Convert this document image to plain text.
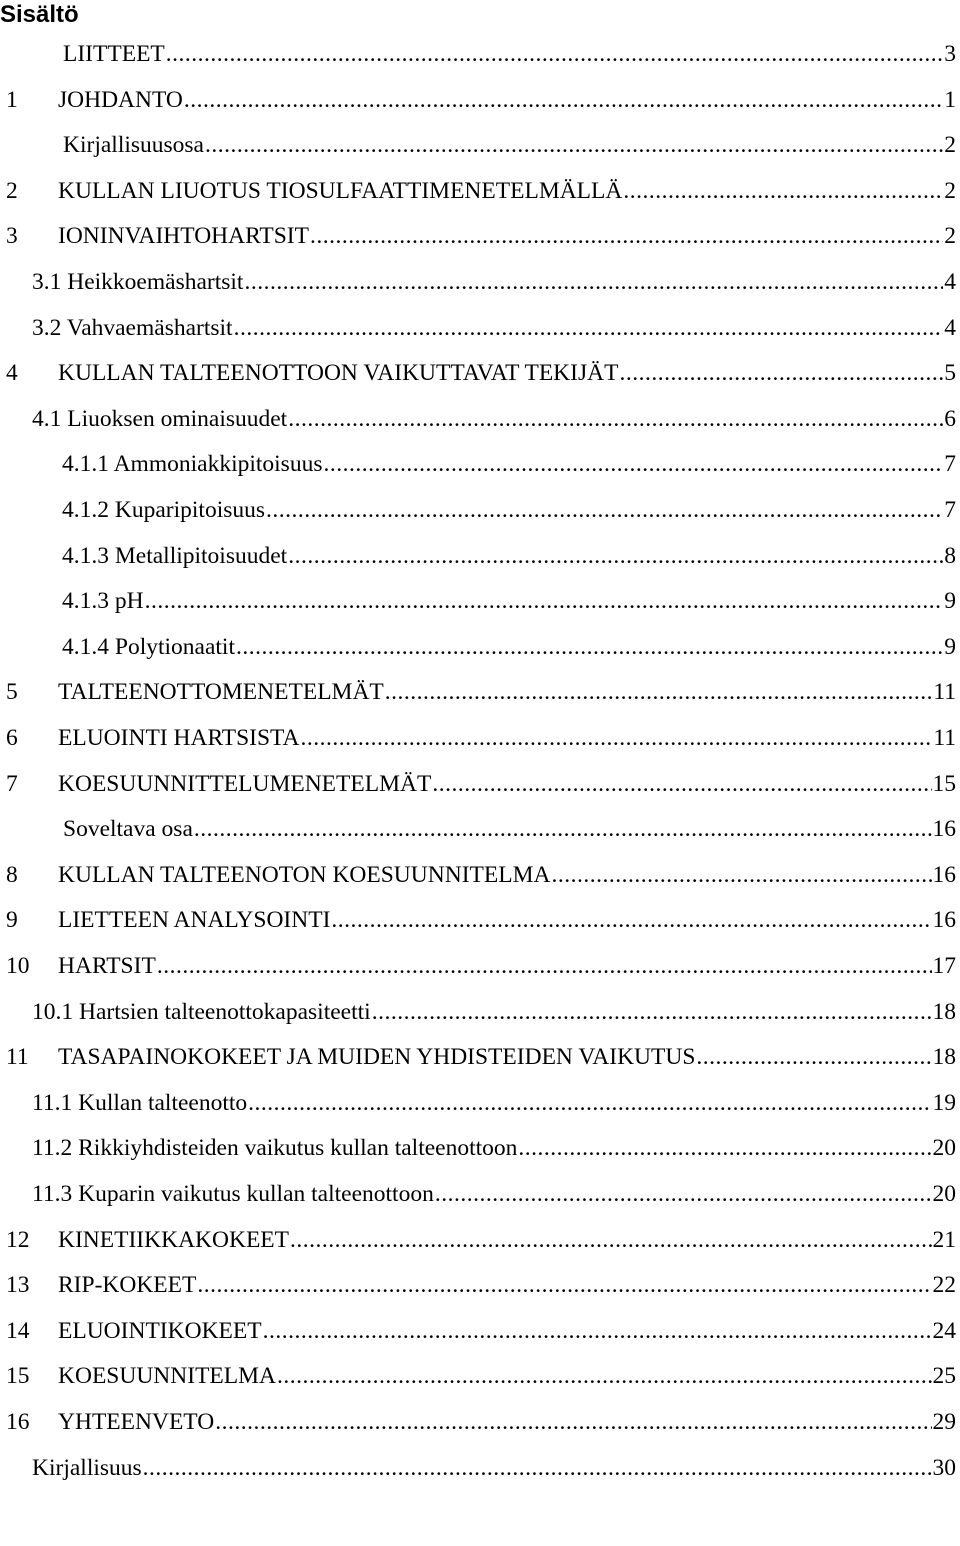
Sisältö
LIITTEET .....	3
1 JOHDANTO .....	1
Kirjallisuusosa .....	2
2 KULLAN LIUOTUS TIOSULFAATTIMENETELMÄLLÄ .....	2
3 IONINVAIHTOHARTSIT .....	2
3.1 Heikkoemäshartsit .....	4
3.2 Vahvaemäshartsit .....	4
4 KULLAN TALTEENOTTOON VAIKUTTAVAT TEKIJÄT .....	5
4.1 Liuoksen ominaisuudet .....	6
4.1.1 Ammoniakkipitoisuus .....	7
4.1.2 Kuparipitoisuus .....	7
4.1.3 Metallipitoisuudet .....	8
4.1.3 pH .....	9
4.1.4 Polytionaatit .....	9
5 TALTEENOTTOMENETELMÄT .....	11
6 ELUOINTI HARTSISTA .....	11
7 KOESUUNNITTELUMENETELMÄT .....	15
Soveltava osa .....	16
8 KULLAN TALTEENOTON KOESUUNNITELMA .....	16
9 LIETTEEN ANALYSOINTI .....	16
10 HARTSIT .....	17
10.1 Hartsien talteenottokapasiteetti .....	18
11 TASAPAINOKOKEET JA MUIDEN YHDISTEIDEN VAIKUTUS .....	18
11.1 Kullan talteenotto .....	19
11.2 Rikkiyhdisteiden vaikutus kullan talteenottoon .....	20
11.3 Kuparin vaikutus kullan talteenottoon .....	20
12 KINETIIKKAKOKEET .....	21
13 RIP-KOKEET .....	22
14 ELUOINTIKOKEET .....	24
15 KOESUUNNITELMA .....	25
16 YHTEENVETO .....	29
Kirjallisuus .....	30
